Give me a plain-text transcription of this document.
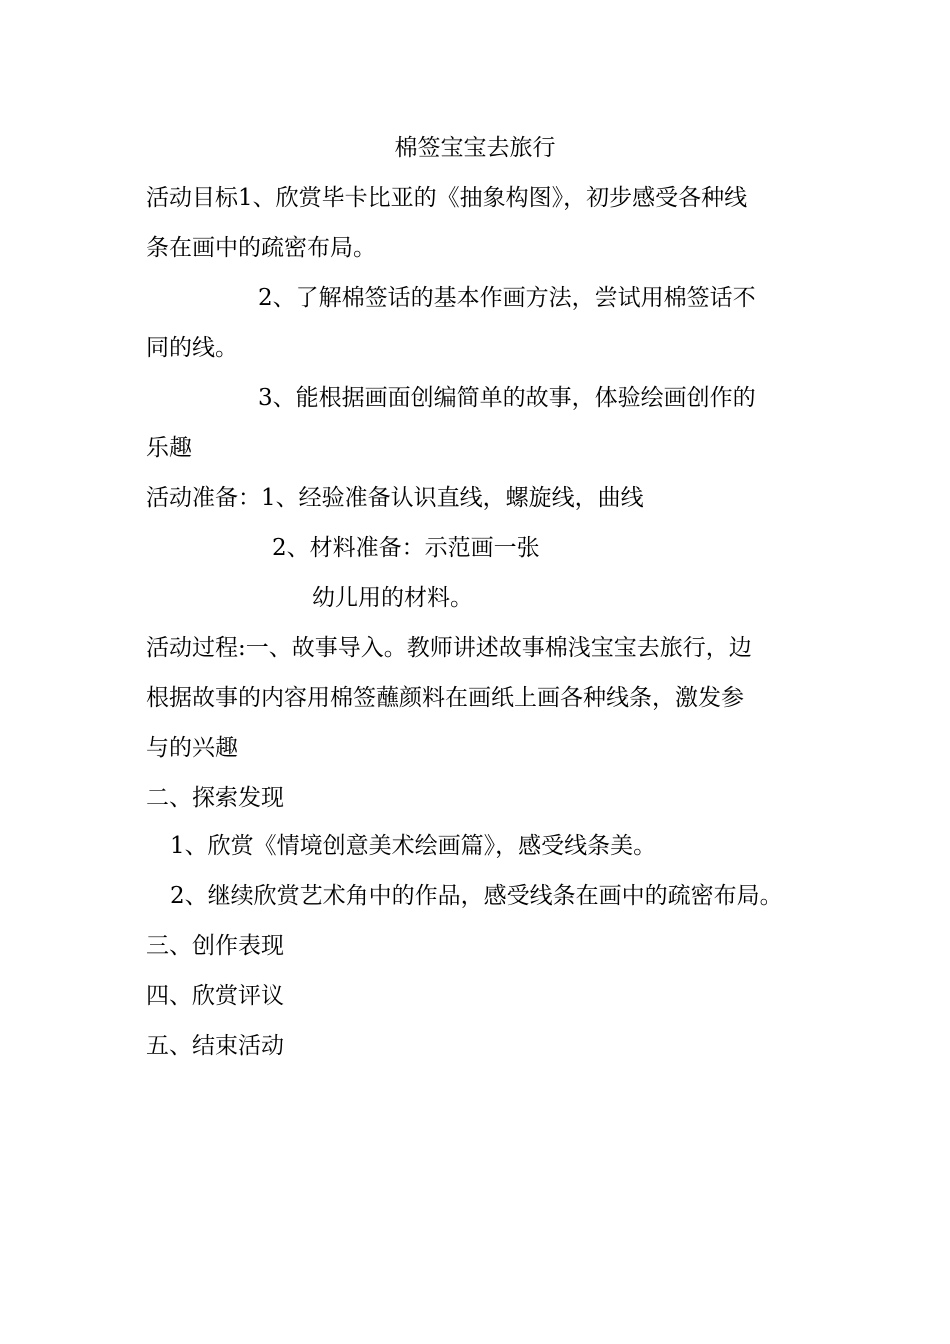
棉签宝宝去旅行
活动目标1、欣赏毕卡比亚的《抽象构图》，初步感受各种线
条在画中的疏密布局。
2、了解棉签话的基本作画方法，尝试用棉签话不
同的线。
3、能根据画面创编简单的故事，体验绘画创作的
乐趣
活动准备：1、经验准备认识直线，螺旋线，曲线
2、材料准备：示范画一张
幼儿用的材料。
活动过程:一、故事导入。教师讲述故事棉浅宝宝去旅行，边
根据故事的内容用棉签蘸颜料在画纸上画各种线条，激发参
与的兴趣
二、探索发现
1、欣赏《情境创意美术绘画篇》，感受线条美。
2、继续欣赏艺术角中的作品，感受线条在画中的疏密布局。
三、创作表现
四、欣赏评议
五、结束活动
